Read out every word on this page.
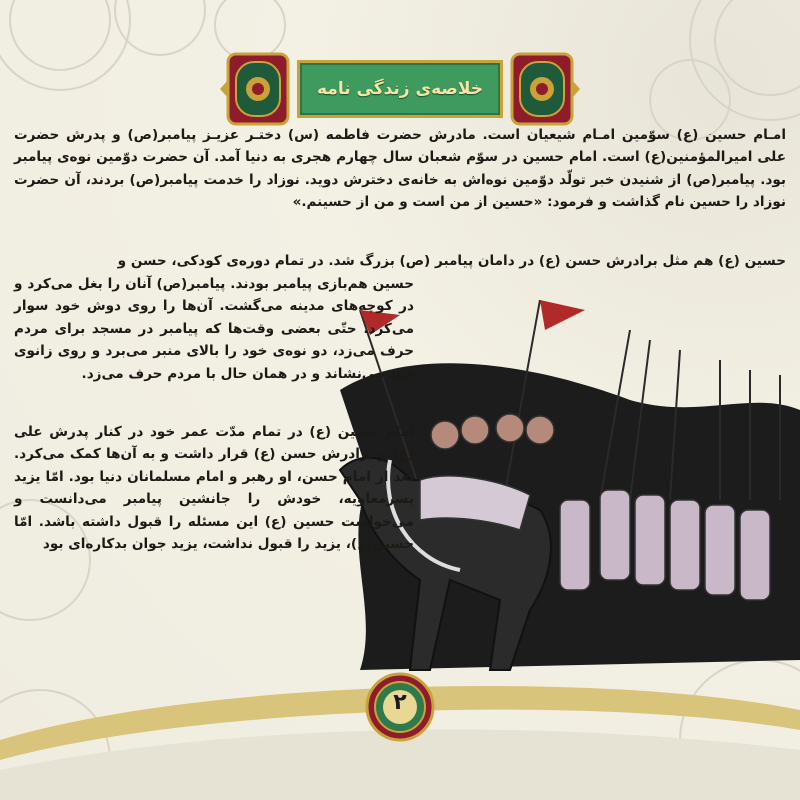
خلاصه‌ی زندگی نامه
امـام حسین (ع) سوّمین امـام شیعیان است. مادرش حضرت فاطمه (س) دختـر عزیـز پیامبر(ص) و پدرش حضرت علی امیرالمؤمنین(ع) است. امام حسین در سوّم شعبان سال چهارم هجری به دنیا آمد. آن حضرت دوّمین نوه‌ی پیامبر بود. پیامبر(ص) از شنیدن خبر تولّد دوّمین نوه‌اش به خانه‌ی دخترش دوید. نوزاد را خدمت پیامبر(ص) بردند، آن حضرت نوزاد را حسین نام گذاشت و فرمود: «حسین از من است و من از حسینم.»
حسین (ع) هم مثل برادرش حسن (ع) در دامان پیامبر (ص) بزرگ شد. در تمام دوره‌ی کودکی، حسن و
حسین هم‌بازی پیامبر بودند. پیامبر(ص) آنان را بغل می‌کرد و در کوچه‌های مدینه می‌گشت. آن‌ها را روی دوش خود سوار می‌کرد. حتّی بعضی وقت‌ها که پیامبر در مسجد برای مردم حرف می‌زد، دو نوه‌ی خود را بالای منبر می‌برد و روی زانوی خود می‌نشاند و در همان حال با مردم حرف می‌زد.
امام حسین (ع) در تمام مدّت عمر خود در کنار پدرش علی (ع) و برادرش حسن (ع) قرار داشت و به آن‌ها کمک می‌کرد. بعد از امام حسن، او رهبر و امام مسلمانان دنیا بود. امّا یزید پسرمعاویه، خودش را جانشین پیامبر می‌دانست و می‌خواست حسین (ع) این مسئله را قبول داشته باشد. امّا حسین(ع)، یزید را قبول نداشت، یزید جوان بدکاره‌ای بود
۲
